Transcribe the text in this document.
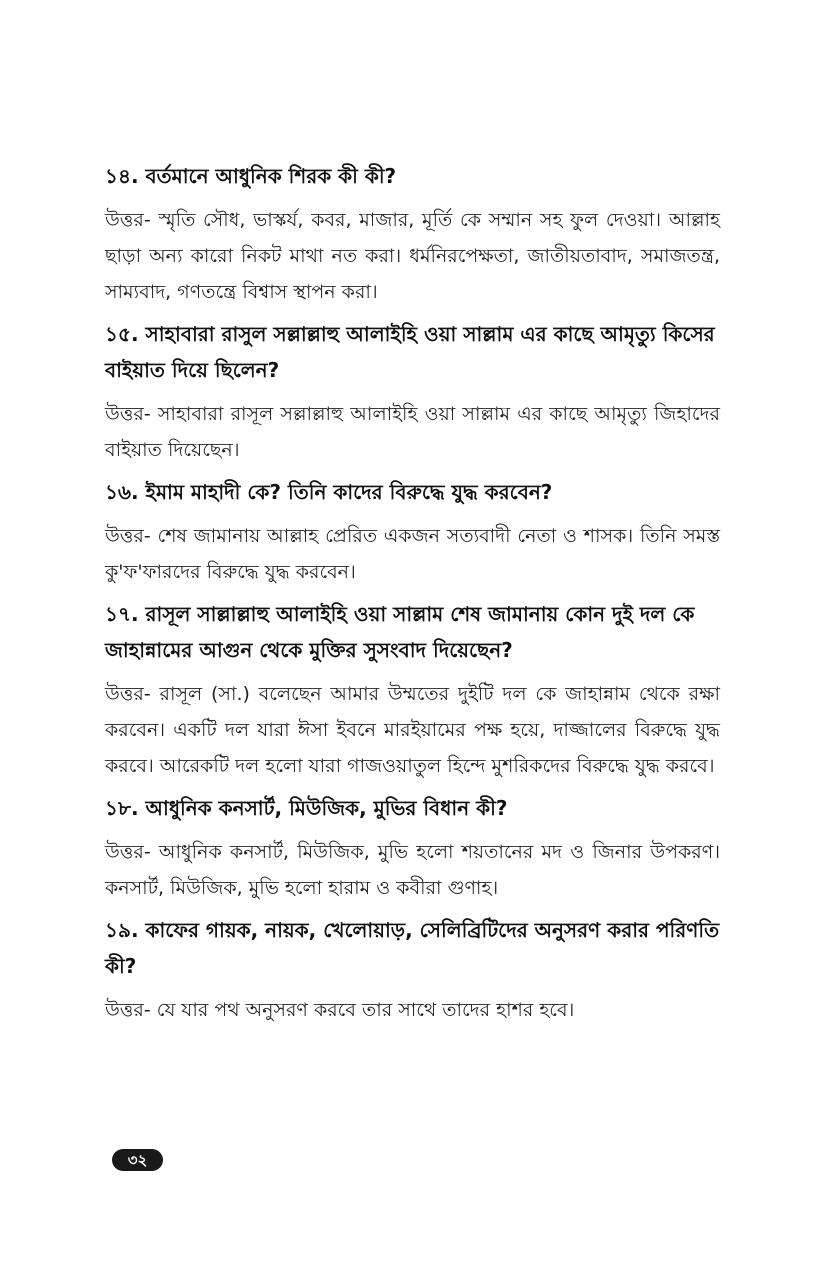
১৪. বর্তমানে আধুনিক শিরক কী কী?

উত্তর- স্মৃতি সৌধ, ভাস্কর্য, কবর, মাজার, মূর্তি কে সম্মান সহ ফুল দেওয়া। আল্লাহ ছাড়া অন্য কারো নিকট মাথা নত করা। ধর্মনিরপেক্ষতা, জাতীয়তাবাদ, সমাজতন্ত্র, সাম্যবাদ, গণতন্ত্রে বিশ্বাস স্থাপন করা।

১৫. সাহাবারা রাসুল সল্লাল্লাহু আলাইহি ওয়া সাল্লাম এর কাছে আমৃত্যু কিসের বাইয়াত দিয়ে ছিলেন?

উত্তর- সাহাবারা রাসূল সল্লাল্লাহু আলাইহি ওয়া সাল্লাম এর কাছে আমৃত্যু জিহাদের বাইয়াত দিয়েছেন।

১৬. ইমাম মাহাদী কে? তিনি কাদের বিরুদ্ধে যুদ্ধ করবেন?

উত্তর- শেষ জামানায় আল্লাহ প্রেরিত একজন সত্যবাদী নেতা ও শাসক। তিনি সমস্ত কু'ফ'ফারদের বিরুদ্ধে যুদ্ধ করবেন।

১৭. রাসূল সাল্লাল্লাহু আলাইহি ওয়া সাল্লাম শেষ জামানায় কোন দুই দল কে জাহান্নামের আগুন থেকে মুক্তির সুসংবাদ দিয়েছেন?

উত্তর- রাসূল (সা.) বলেছেন আমার উম্মতের দুইটি দল কে জাহান্নাম থেকে রক্ষা করবেন। একটি দল যারা ঈসা ইবনে মারইয়ামের পক্ষ হয়ে, দাজ্জালের বিরুদ্ধে যুদ্ধ করবে। আরেকটি দল হলো যারা গাজওয়াতুল হিন্দে মুশরিকদের বিরুদ্ধে যুদ্ধ করবে।

১৮. আধুনিক কনসার্ট, মিউজিক, মুভির বিধান কী?

উত্তর- আধুনিক কনসার্ট, মিউজিক, মুভি হলো শয়তানের মদ ও জিনার উপকরণ। কনসার্ট, মিউজিক, মুভি হলো হারাম ও কবীরা গুণাহ।

১৯. কাফের গায়ক, নায়ক, খেলোয়াড়, সেলিব্রিটিদের অনুসরণ করার পরিণতি কী?

উত্তর- যে যার পথ অনুসরণ করবে তার সাথে তাদের হাশর হবে।

৩২
